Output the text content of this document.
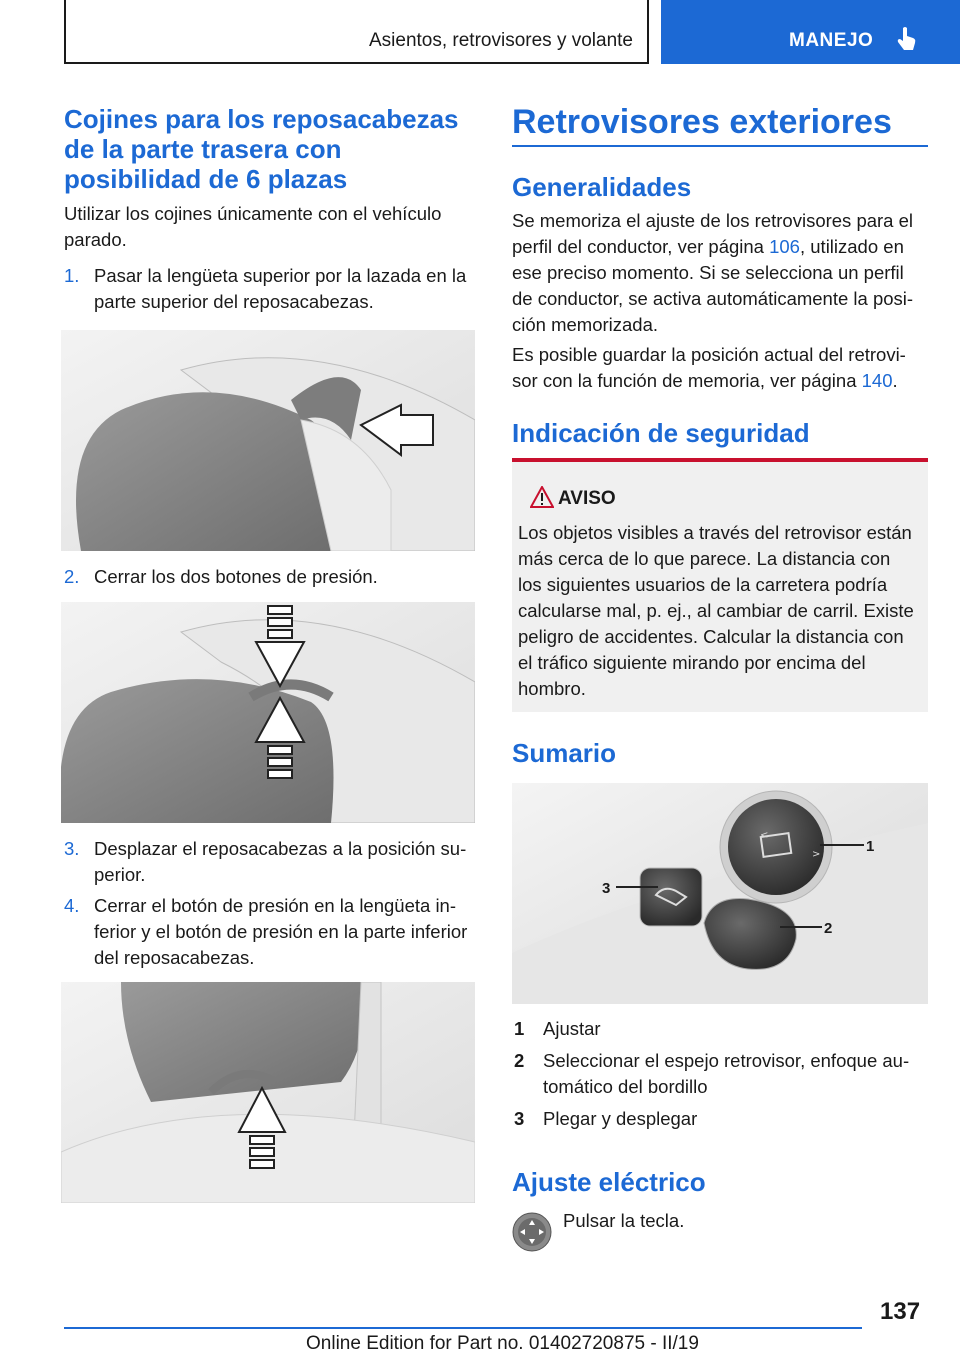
Asientos, retrovisores y volante	MANEJO
Cojines para los reposacabezas
de la parte trasera con
posibilidad de 6 plazas
Utilizar los cojines únicamente con el vehículo
parado.
1. Pasar la lengüeta superior por la lazada en la
parte superior del reposacabezas.
2. Cerrar los dos botones de presión.
3. Desplazar el reposacabezas a la posición su-
perior.
4. Cerrar el botón de presión en la lengüeta in-
ferior y el botón de presión en la parte inferior
del reposacabezas.
Retrovisores exteriores
Generalidades
Se memoriza el ajuste de los retrovisores para el
perfil del conductor, ver página 106, utilizado en
ese preciso momento. Si se selecciona un perfil
de conductor, se activa automáticamente la posi-
ción memorizada.
Es posible guardar la posición actual del retrovi-
sor con la función de memoria, ver página 140.
Indicación de seguridad
AVISO
Los objetos visibles a través del retrovisor están
más cerca de lo que parece. La distancia con
los siguientes usuarios de la carretera podría
calcularse mal, p. ej., al cambiar de carril. Existe
peligro de accidentes. Calcular la distancia con
el tráfico siguiente mirando por encima del
hombro.
Sumario
<
>	1
2
3
1 Ajustar
2 Seleccionar el espejo retrovisor, enfoque au-
tomático del bordillo
3 Plegar y desplegar
Ajuste eléctrico
Pulsar la tecla.
137
Online Edition for Part no. 01402720875 - II/19
